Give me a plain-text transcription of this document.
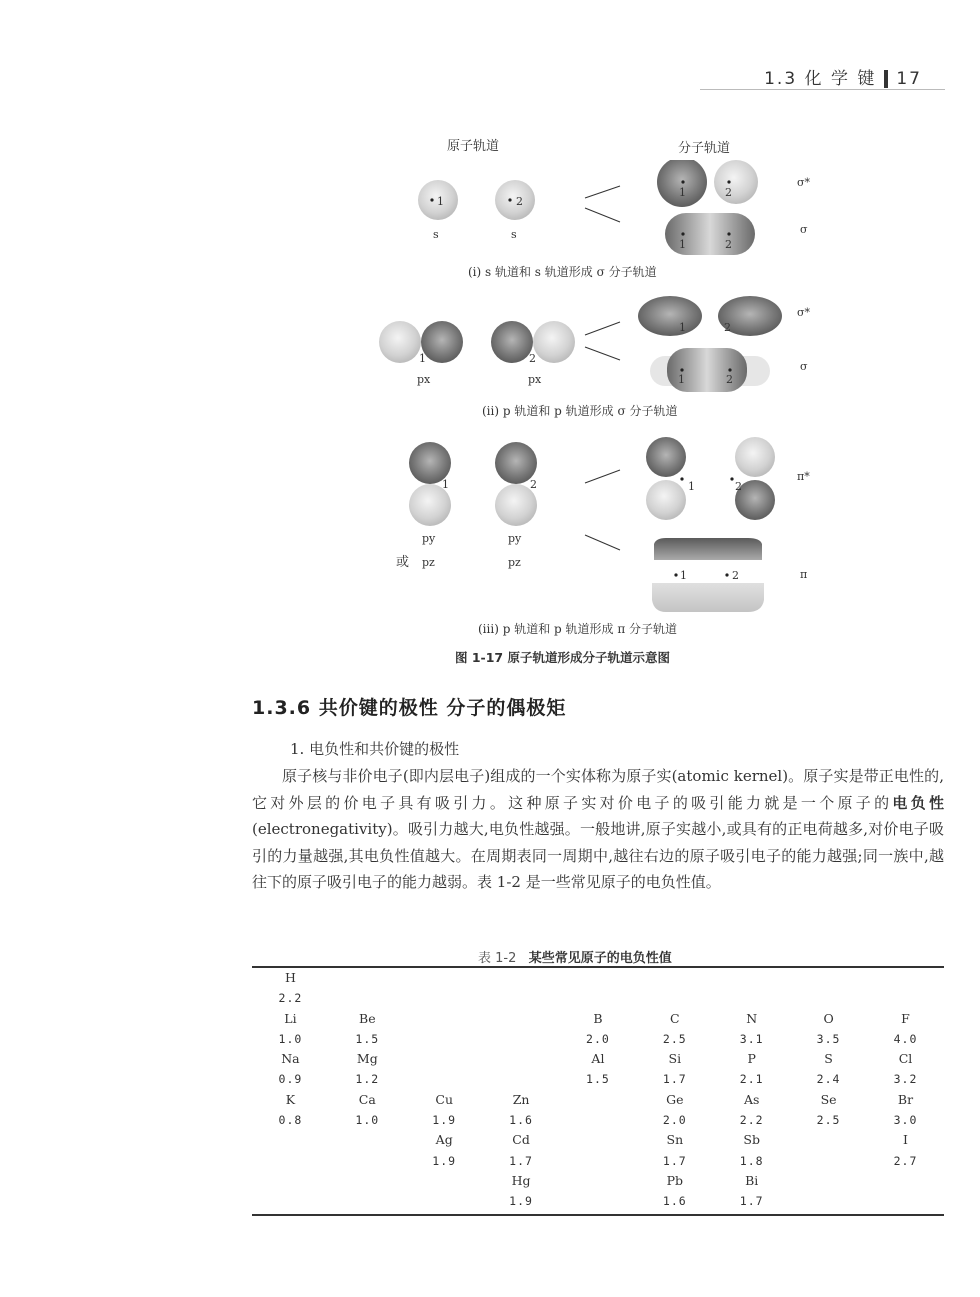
1.3 化 学 键 17
原子轨道	分子轨道
1	2
s	s
1	2
σ*
1	2
σ
(i) s 轨道和 s 轨道形成 σ 分子轨道
1	2
px	px
1	2
σ*
1	2
σ
(ii) p 轨道和 p 轨道形成 σ 分子轨道
1	2
py	py
或 pz	pz
1	2
π*
1	2	π
(iii) p 轨道和 p 轨道形成 π 分子轨道
图 1-17 原子轨道形成分子轨道示意图
1.3.6 共价键的极性 分子的偶极矩
1. 电负性和共价键的极性

原子核与非价电子(即内层电子)组成的一个实体称为原子实(atomic kernel)。原子实是带正电性的,它对外层的价电子具有吸引力。这种原子实对价电子的吸引能力就是一个原子的电负性(electronegativity)。吸引力越大,电负性越强。一般地讲,原子实越小,或具有的正电荷越多,对价电子吸引的力量越强,其电负性值越大。在周期表同一周期中,越往右边的原子吸引电子的能力越强;同一族中,越往下的原子吸引电子的能力越弱。表 1-2 是一些常见原子的电负性值。

表 1-2 某些常见原子的电负性值
H								
2.2								
Li	Be			B	C	N	O	F
1.0	1.5			2.0	2.5	3.1	3.5	4.0
Na	Mg			Al	Si	P	S	Cl
0.9	1.2			1.5	1.7	2.1	2.4	3.2
K	Ca	Cu	Zn		Ge	As	Se	Br
0.8	1.0	1.9	1.6		2.0	2.2	2.5	3.0
		Ag	Cd		Sn	Sb		I
		1.9	1.7		1.7	1.8		2.7
			Hg		Pb	Bi		
			1.9		1.6	1.7		
